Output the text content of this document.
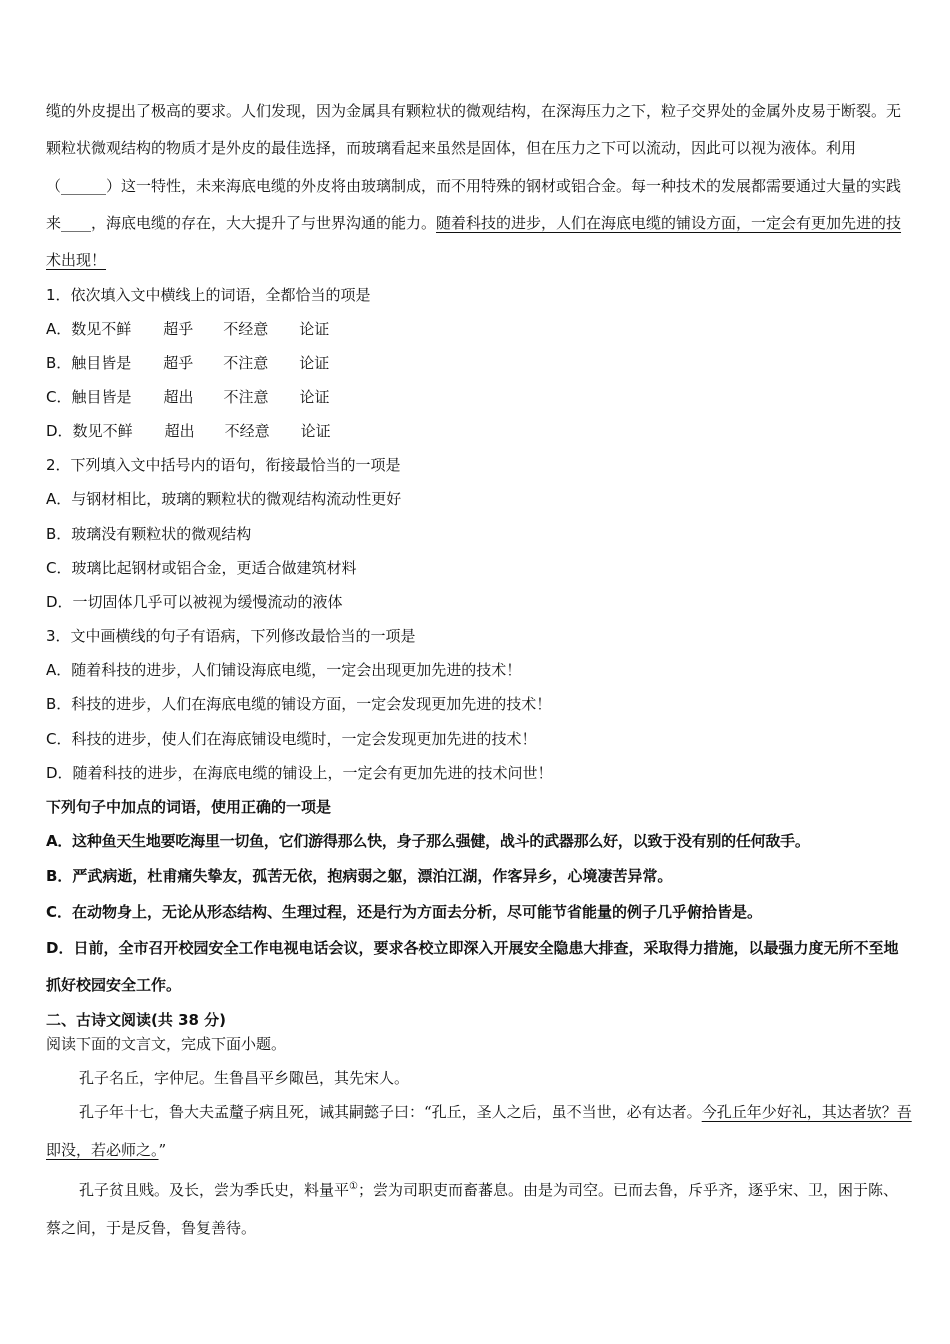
缆的外皮提出了极高的要求。人们发现，因为金属具有颗粒状的微观结构，在深海压力之下，粒子交界处的金属外皮易于断裂。无颗粒状微观结构的物质才是外皮的最佳选择，而玻璃看起来虽然是固体，但在压力之下可以流动，因此可以视为液体。利用（______）这一特性，未来海底电缆的外皮将由玻璃制成，而不用特殊的钢材或铝合金。每一种技术的发展都需要通过大量的实践来____，海底电缆的存在，大大提升了与世界沟通的能力。随着科技的进步，人们在海底电缆的铺设方面，一定会有更加先进的技术出现！
1．依次填入文中横线上的词语，全都恰当的项是
A．数见不鲜 超乎 不经意 论证
B．触目皆是 超乎 不注意 论证
C．触目皆是 超出 不注意 论证
D．数见不鲜 超出 不经意 论证
2．下列填入文中括号内的语句，衔接最恰当的一项是
A．与钢材相比，玻璃的颗粒状的微观结构流动性更好
B．玻璃没有颗粒状的微观结构
C．玻璃比起钢材或铝合金，更适合做建筑材料
D．一切固体几乎可以被视为缓慢流动的液体
3．文中画横线的句子有语病，下列修改最恰当的一项是
A．随着科技的进步，人们铺设海底电缆，一定会出现更加先进的技术！
B．科技的进步，人们在海底电缆的铺设方面，一定会发现更加先进的技术！
C．科技的进步，使人们在海底铺设电缆时，一定会发现更加先进的技术！
D．随着科技的进步，在海底电缆的铺设上，一定会有更加先进的技术问世！
下列句子中加点的词语，使用正确的一项是
A．这种鱼天生地要吃海里一切鱼，它们游得那么快，身子那么强健，战斗的武器那么好，以致于没有别的任何敌手。
B．严武病逝，杜甫痛失挚友，孤苦无依，抱病弱之躯，漂泊江湖，作客异乡，心境凄苦异常。
C．在动物身上，无论从形态结构、生理过程，还是行为方面去分析，尽可能节省能量的例子几乎俯拾皆是。
D．日前，全市召开校园安全工作电视电话会议，要求各校立即深入开展安全隐患大排查，采取得力措施，以最强力度无所不至地抓好校园安全工作。
二、古诗文阅读(共 38 分)
阅读下面的文言文，完成下面小题。
孔子名丘，字仲尼。生鲁昌平乡陬邑，其先宋人。
孔子年十七，鲁大夫孟釐子病且死，诫其嗣懿子曰：“孔丘，圣人之后，虽不当世，必有达者。今孔丘年少好礼，其达者欤？吾即没，若必师之。”
孔子贫且贱。及长，尝为季氏史，料量平①；尝为司职吏而畜蕃息。由是为司空。已而去鲁，斥乎齐，逐乎宋、卫，困于陈、蔡之间，于是反鲁，鲁复善待。
